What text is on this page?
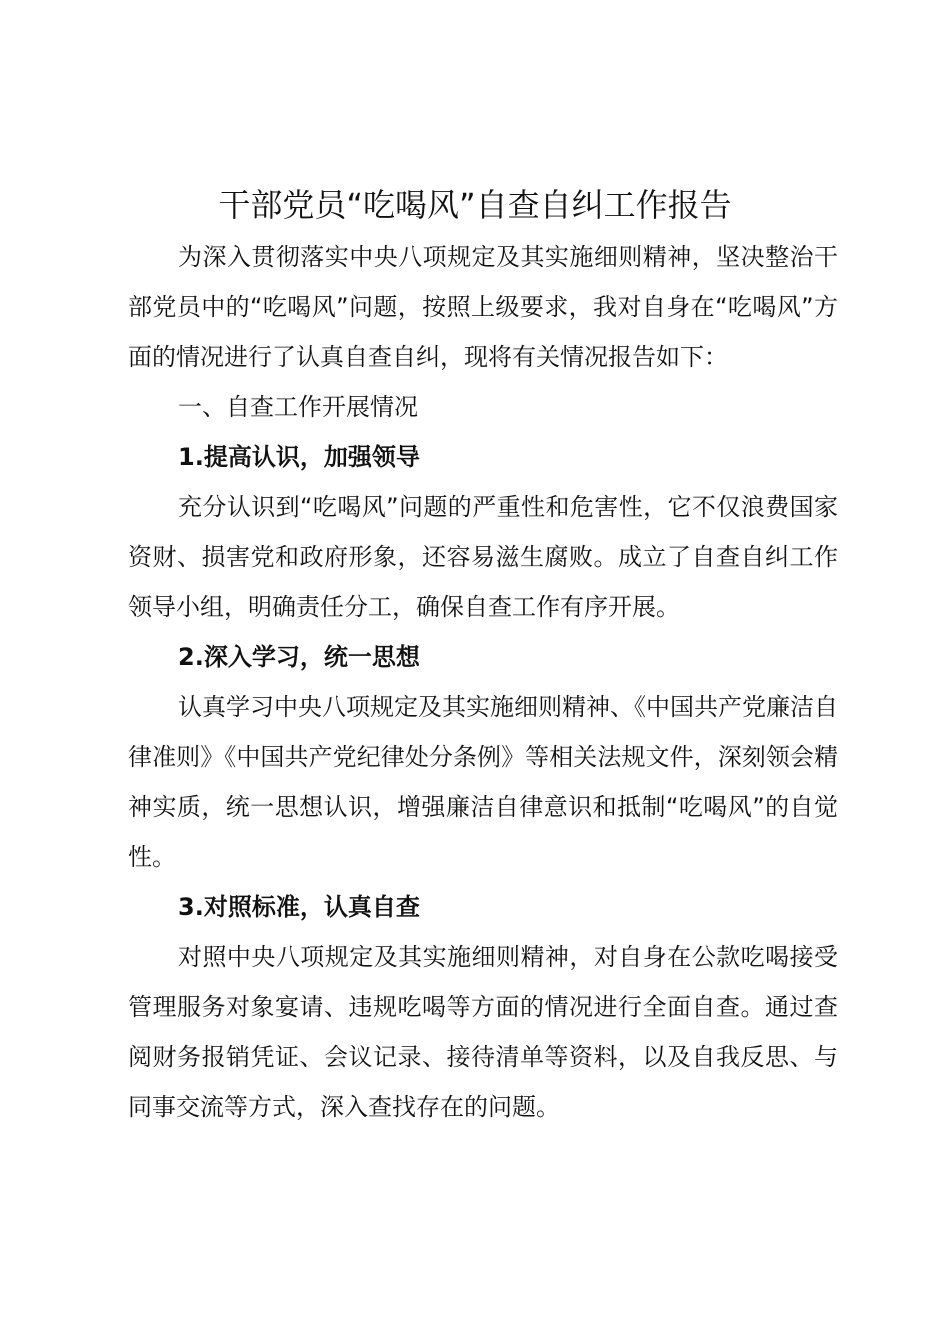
干部党员“吃喝风”自查自纠工作报告

为深入贯彻落实中央八项规定及其实施细则精神，坚决整治干部党员中的“吃喝风”问题，按照上级要求，我对自身在“吃喝风”方面的情况进行了认真自查自纠，现将有关情况报告如下：

一、自查工作开展情况

1.提高认识，加强领导

充分认识到“吃喝风”问题的严重性和危害性，它不仅浪费国家资财、损害党和政府形象，还容易滋生腐败。成立了自查自纠工作领导小组，明确责任分工，确保自查工作有序开展。

2.深入学习，统一思想

认真学习中央八项规定及其实施细则精神、《中国共产党廉洁自律准则》《中国共产党纪律处分条例》等相关法规文件，深刻领会精神实质，统一思想认识，增强廉洁自律意识和抵制“吃喝风”的自觉性。

3.对照标准，认真自查

对照中央八项规定及其实施细则精神，对自身在公款吃喝接受管理服务对象宴请、违规吃喝等方面的情况进行全面自查。通过查阅财务报销凭证、会议记录、接待清单等资料，以及自我反思、与同事交流等方式，深入查找存在的问题。
